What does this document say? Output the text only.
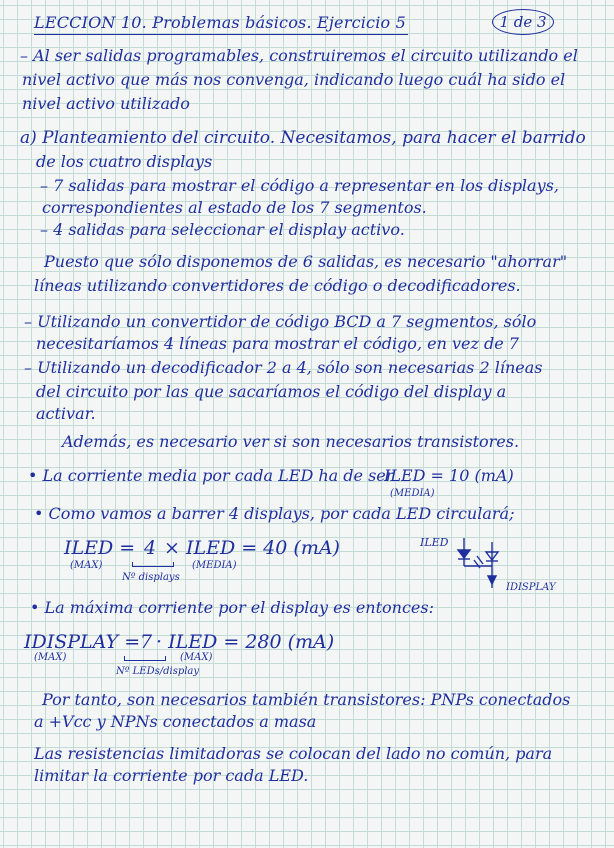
LECCION 10. Problemas básicos. Ejercicio 5	1 de 3
– Al ser salidas programables, construiremos el circuito utilizando el
nivel activo que más nos convenga, indicando luego cuál ha sido el
nivel activo utilizado
a) Planteamiento del circuito. Necesitamos, para hacer el barrido
de los cuatro displays
– 7 salidas para mostrar el código a representar en los displays,
correspondientes al estado de los 7 segmentos.
– 4 salidas para seleccionar el display activo.
Puesto que sólo disponemos de 6 salidas, es necesario "ahorrar"
líneas utilizando convertidores de código o decodificadores.
– Utilizando un convertidor de código BCD a 7 segmentos, sólo
necesitaríamos 4 líneas para mostrar el código, en vez de 7
– Utilizando un decodificador 2 a 4, sólo son necesarias 2 líneas
del circuito por las que sacaríamos el código del display a
activar.
Además, es necesario ver si son necesarios transistores.
• La corriente media por cada LED ha de ser
ILED = 10 (mA)
(MEDIA)
• Como vamos a barrer 4 displays, por cada LED circulará;
ILED =
(MAX)
4 × ILED = 40 (mA)
(MEDIA)
Nº displays
ILED
IDISPLAY
• La máxima corriente por el display es entonces:
IDISPLAY =
(MAX)
7 · ILED = 280 (mA)
(MAX)
Nº LEDs/display
Por tanto, son necesarios también transistores: PNPs conectados
a +Vcc y NPNs conectados a masa
Las resistencias limitadoras se colocan del lado no común, para
limitar la corriente por cada LED.
